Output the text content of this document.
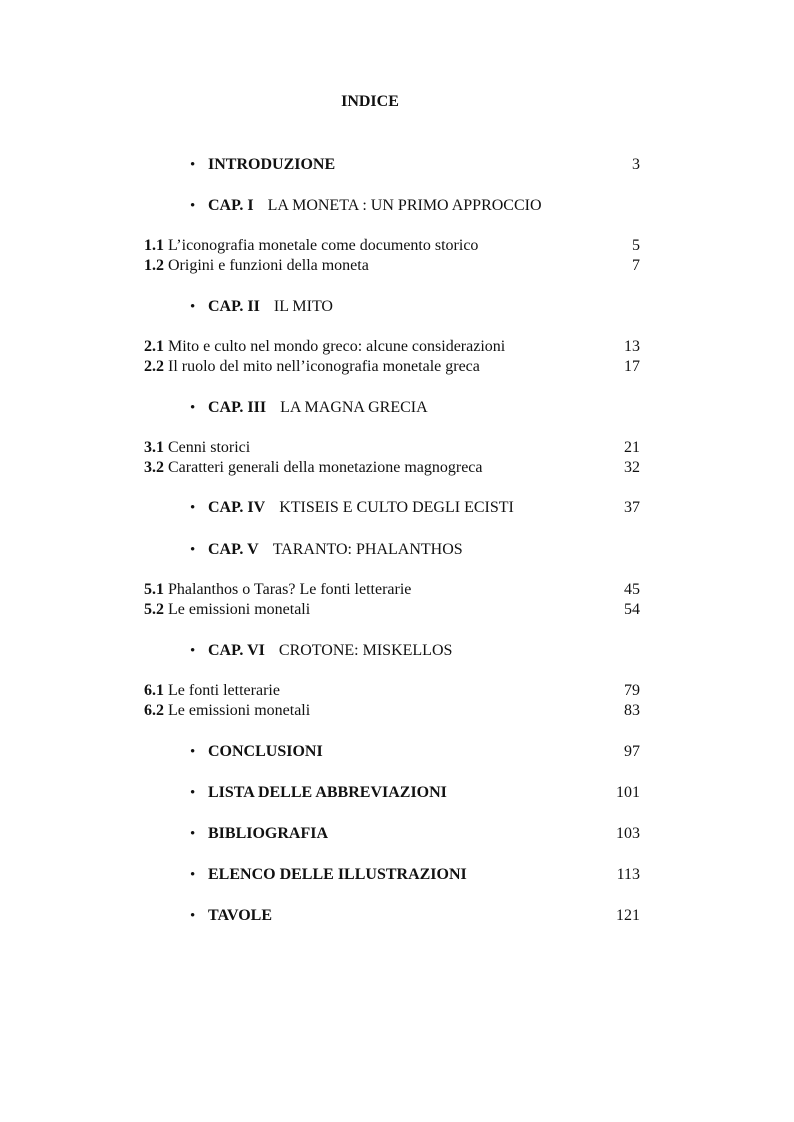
INDICE
• INTRODUZIONE	3
• CAP. I LA MONETA : UN PRIMO APPROCCIO
1.1 L’iconografia monetale come documento storico	5
1.2 Origini e funzioni della moneta	7
• CAP. II IL MITO
2.1 Mito e culto nel mondo greco: alcune considerazioni	13
2.2 Il ruolo del mito nell’iconografia monetale greca	17
• CAP. III LA MAGNA GRECIA
3.1 Cenni storici	21
3.2 Caratteri generali della monetazione magnogreca	32
• CAP. IV KTISEIS E CULTO DEGLI ECISTI	37
• CAP. V TARANTO: PHALANTHOS
5.1 Phalanthos o Taras? Le fonti letterarie	45
5.2 Le emissioni monetali	54
• CAP. VI CROTONE: MISKELLOS
6.1 Le fonti letterarie	79
6.2 Le emissioni monetali	83
• CONCLUSIONI	97
• LISTA DELLE ABBREVIAZIONI	101
• BIBLIOGRAFIA	103
• ELENCO DELLE ILLUSTRAZIONI	113
• TAVOLE	121
